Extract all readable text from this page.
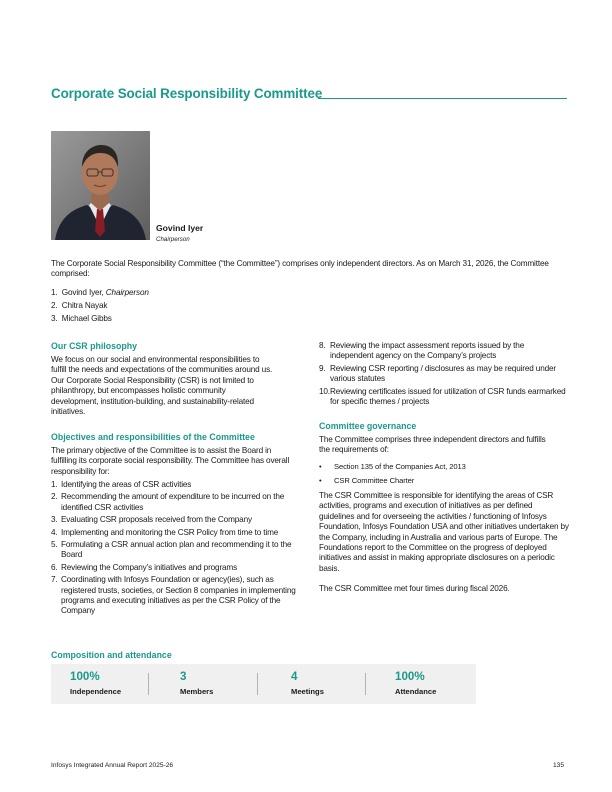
Corporate Social Responsibility Committee
Govind Iyer
Chairperson
The Corporate Social Responsibility Committee (“the Committee”) comprises only independent directors. As on March 31, 2026, the Committee comprised:
1. Govind Iyer, Chairperson
2. Chitra Nayak
3. Michael Gibbs
Our CSR philosophy
We focus on our social and environmental responsibilities to fulfill the needs and expectations of the communities around us. Our Corporate Social Responsibility (CSR) is not limited to philanthropy, but encompasses holistic community development, institution-building, and sustainability-related initiatives.
Objectives and responsibilities of the Committee
The primary objective of the Committee is to assist the Board in fulfilling its corporate social responsibility. The Committee has overall responsibility for:
1. Identifying the areas of CSR activities
2. Recommending the amount of expenditure to be incurred on the identified CSR activities
3. Evaluating CSR proposals received from the Company
4. Implementing and monitoring the CSR Policy from time to time
5. Formulating a CSR annual action plan and recommending it to the Board
6. Reviewing the Company’s initiatives and programs
7. Coordinating with Infosys Foundation or agency(ies), such as registered trusts, societies, or Section 8 companies in implementing programs and executing initiatives as per the CSR Policy of the Company
8. Reviewing the impact assessment reports issued by the independent agency on the Company’s projects
9. Reviewing CSR reporting / disclosures as may be required under various statutes
10. Reviewing certificates issued for utilization of CSR funds earmarked for specific themes / projects
Committee governance
The Committee comprises three independent directors and fulfills the requirements of:
• Section 135 of the Companies Act, 2013
• CSR Committee Charter
The CSR Committee is responsible for identifying the areas of CSR activities, programs and execution of initiatives as per defined guidelines and for overseeing the activities / functioning of Infosys Foundation, Infosys Foundation USA and other initiatives undertaken by the Company, including in Australia and various parts of Europe. The Foundations report to the Committee on the progress of deployed initiatives and assist in making appropriate disclosures on a periodic basis.
The CSR Committee met four times during fiscal 2026.
Composition and attendance
100%
Independence
3
Members
4
Meetings
100%
Attendance
Infosys Integrated Annual Report 2025-26	135
